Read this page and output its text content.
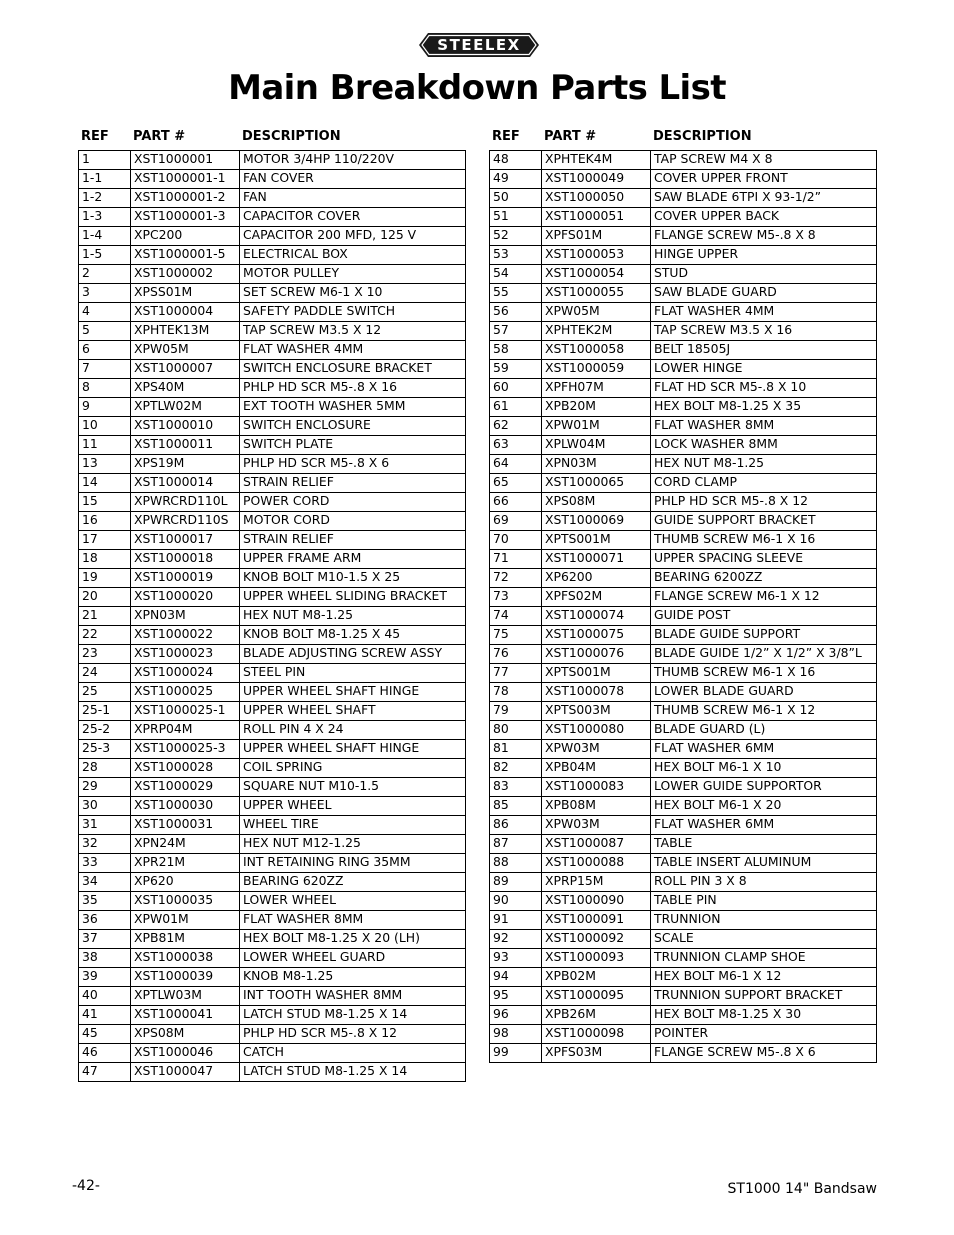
STEELEX
Main Breakdown Parts List
REF PART #	DESCRIPTION
1	XST1000001	MOTOR 3/4HP 110/220V
1-1	XST1000001-1	FAN COVER
1-2	XST1000001-2	FAN
1-3	XST1000001-3	CAPACITOR COVER
1-4	XPC200	CAPACITOR 200 MFD, 125 V
1-5	XST1000001-5	ELECTRICAL BOX
2	XST1000002	MOTOR PULLEY
3	XPSS01M	SET SCREW M6-1 X 10
4	XST1000004	SAFETY PADDLE SWITCH
5	XPHTEK13M	TAP SCREW M3.5 X 12
6	XPW05M	FLAT WASHER 4MM
7	XST1000007	SWITCH ENCLOSURE BRACKET
8	XPS40M	PHLP HD SCR M5-.8 X 16
9	XPTLW02M	EXT TOOTH WASHER 5MM
10	XST1000010	SWITCH ENCLOSURE
11	XST1000011	SWITCH PLATE
13	XPS19M	PHLP HD SCR M5-.8 X 6
14	XST1000014	STRAIN RELIEF
15	XPWRCRD110L	POWER CORD
16	XPWRCRD110S	MOTOR CORD
17	XST1000017	STRAIN RELIEF
18	XST1000018	UPPER FRAME ARM
19	XST1000019	KNOB BOLT M10-1.5 X 25
20	XST1000020	UPPER WHEEL SLIDING BRACKET
21	XPN03M	HEX NUT M8-1.25
22	XST1000022	KNOB BOLT M8-1.25 X 45
23	XST1000023	BLADE ADJUSTING SCREW ASSY
24	XST1000024	STEEL PIN
25	XST1000025	UPPER WHEEL SHAFT HINGE
25-1	XST1000025-1	UPPER WHEEL SHAFT
25-2	XPRP04M	ROLL PIN 4 X 24
25-3	XST1000025-3	UPPER WHEEL SHAFT HINGE
28	XST1000028	COIL SPRING
29	XST1000029	SQUARE NUT M10-1.5
30	XST1000030	UPPER WHEEL
31	XST1000031	WHEEL TIRE
32	XPN24M	HEX NUT M12-1.25
33	XPR21M	INT RETAINING RING 35MM
34	XP620	BEARING 620ZZ
35	XST1000035	LOWER WHEEL
36	XPW01M	FLAT WASHER 8MM
37	XPB81M	HEX BOLT M8-1.25 X 20 (LH)
38	XST1000038	LOWER WHEEL GUARD
39	XST1000039	KNOB M8-1.25
40	XPTLW03M	INT TOOTH WASHER 8MM
41	XST1000041	LATCH STUD M8-1.25 X 14
45	XPS08M	PHLP HD SCR M5-.8 X 12
46	XST1000046	CATCH
47	XST1000047	LATCH STUD M8-1.25 X 14
REF PART #	DESCRIPTION
48	XPHTEK4M	TAP SCREW M4 X 8
49	XST1000049	COVER UPPER FRONT
50	XST1000050	SAW BLADE 6TPI X 93-1/2”
51	XST1000051	COVER UPPER BACK
52	XPFS01M	FLANGE SCREW M5-.8 X 8
53	XST1000053	HINGE UPPER
54	XST1000054	STUD
55	XST1000055	SAW BLADE GUARD
56	XPW05M	FLAT WASHER 4MM
57	XPHTEK2M	TAP SCREW M3.5 X 16
58	XST1000058	BELT 18505J
59	XST1000059	LOWER HINGE
60	XPFH07M	FLAT HD SCR M5-.8 X 10
61	XPB20M	HEX BOLT M8-1.25 X 35
62	XPW01M	FLAT WASHER 8MM
63	XPLW04M	LOCK WASHER 8MM
64	XPN03M	HEX NUT M8-1.25
65	XST1000065	CORD CLAMP
66	XPS08M	PHLP HD SCR M5-.8 X 12
69	XST1000069	GUIDE SUPPORT BRACKET
70	XPTS001M	THUMB SCREW M6-1 X 16
71	XST1000071	UPPER SPACING SLEEVE
72	XP6200	BEARING 6200ZZ
73	XPFS02M	FLANGE SCREW M6-1 X 12
74	XST1000074	GUIDE POST
75	XST1000075	BLADE GUIDE SUPPORT
76	XST1000076	BLADE GUIDE 1/2” X 1/2” X 3/8”L
77	XPTS001M	THUMB SCREW M6-1 X 16
78	XST1000078	LOWER BLADE GUARD
79	XPTS003M	THUMB SCREW M6-1 X 12
80	XST1000080	BLADE GUARD (L)
81	XPW03M	FLAT WASHER 6MM
82	XPB04M	HEX BOLT M6-1 X 10
83	XST1000083	LOWER GUIDE SUPPORTOR
85	XPB08M	HEX BOLT M6-1 X 20
86	XPW03M	FLAT WASHER 6MM
87	XST1000087	TABLE
88	XST1000088	TABLE INSERT ALUMINUM
89	XPRP15M	ROLL PIN 3 X 8
90	XST1000090	TABLE PIN
91	XST1000091	TRUNNION
92	XST1000092	SCALE
93	XST1000093	TRUNNION CLAMP SHOE
94	XPB02M	HEX BOLT M6-1 X 12
95	XST1000095	TRUNNION SUPPORT BRACKET
96	XPB26M	HEX BOLT M8-1.25 X 30
98	XST1000098	POINTER
99	XPFS03M	FLANGE SCREW M5-.8 X 6
-42-	ST1000 14" Bandsaw
